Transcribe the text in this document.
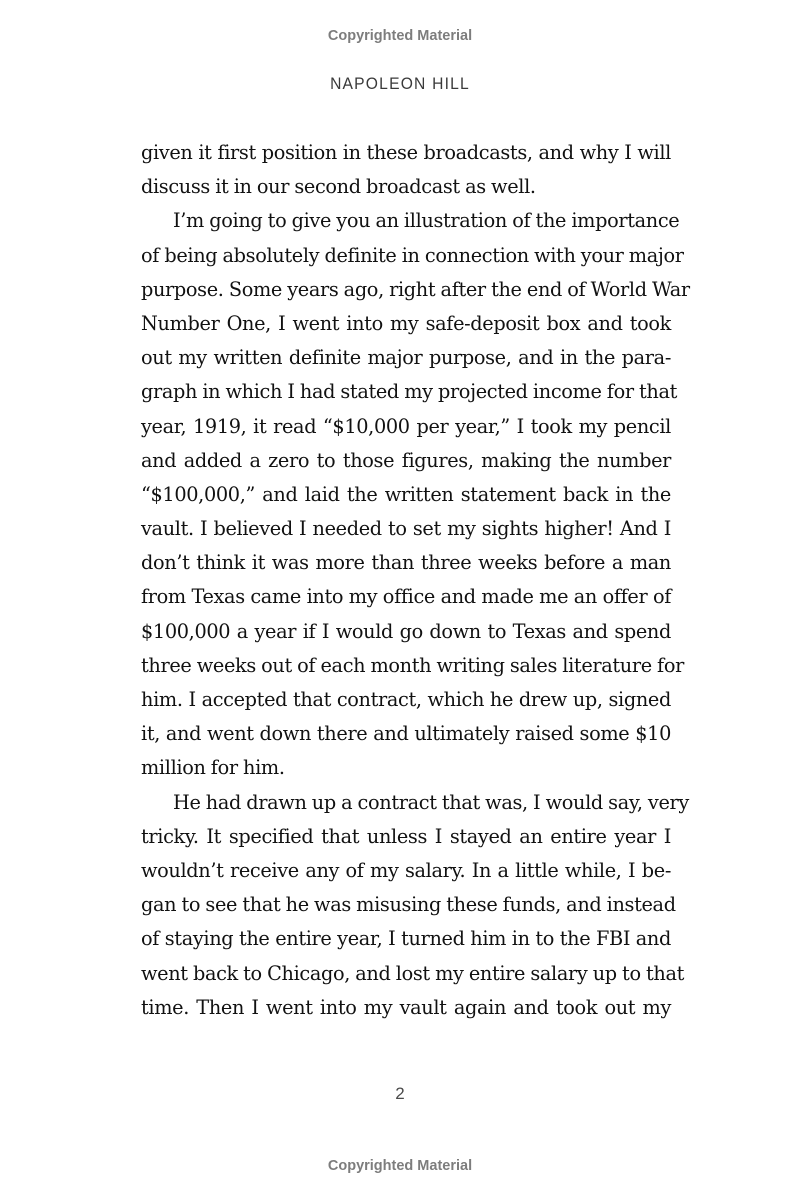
Copyrighted Material
NAPOLEON HILL
given it first position in these broadcasts, and why I will
discuss it in our second broadcast as well.
I’m going to give you an illustration of the importance
of being absolutely definite in connection with your major
purpose. Some years ago, right after the end of World War
Number One, I went into my safe-deposit box and took
out my written definite major purpose, and in the para-
graph in which I had stated my projected income for that
year, 1919, it read “$10,000 per year,” I took my pencil
and added a zero to those figures, making the number
“$100,000,” and laid the written statement back in the
vault. I believed I needed to set my sights higher! And I
don’t think it was more than three weeks before a man
from Texas came into my office and made me an offer of
$100,000 a year if I would go down to Texas and spend
three weeks out of each month writing sales literature for
him. I accepted that contract, which he drew up, signed
it, and went down there and ultimately raised some $10
million for him.
He had drawn up a contract that was, I would say, very
tricky. It specified that unless I stayed an entire year I
wouldn’t receive any of my salary. In a little while, I be-
gan to see that he was misusing these funds, and instead
of staying the entire year, I turned him in to the FBI and
went back to Chicago, and lost my entire salary up to that
time. Then I went into my vault again and took out my
2
Copyrighted Material
